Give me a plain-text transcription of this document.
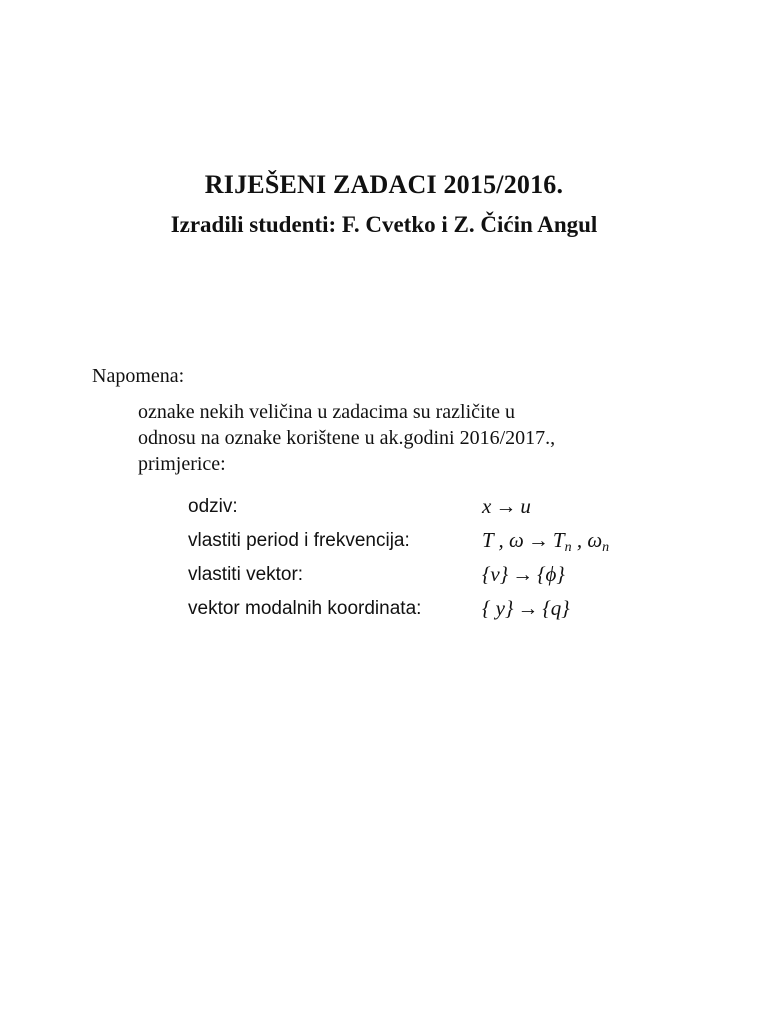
RIJEŠENI ZADACI 2015/2016.
Izradili studenti: F. Cvetko i Z. Čićin Angul
Napomena:
oznake nekih veličina u zadacima su različite u
odnosu na oznake korištene u ak.godini 2016/2017.,
primjerice:
odziv:	x → u
vlastiti period i frekvencija:	T , $\omega \to T_n$ , $\omega_n$
vlastiti vektor:	{v} → {ϕ}
vektor modalnih koordinata:	{ y} → {q}
